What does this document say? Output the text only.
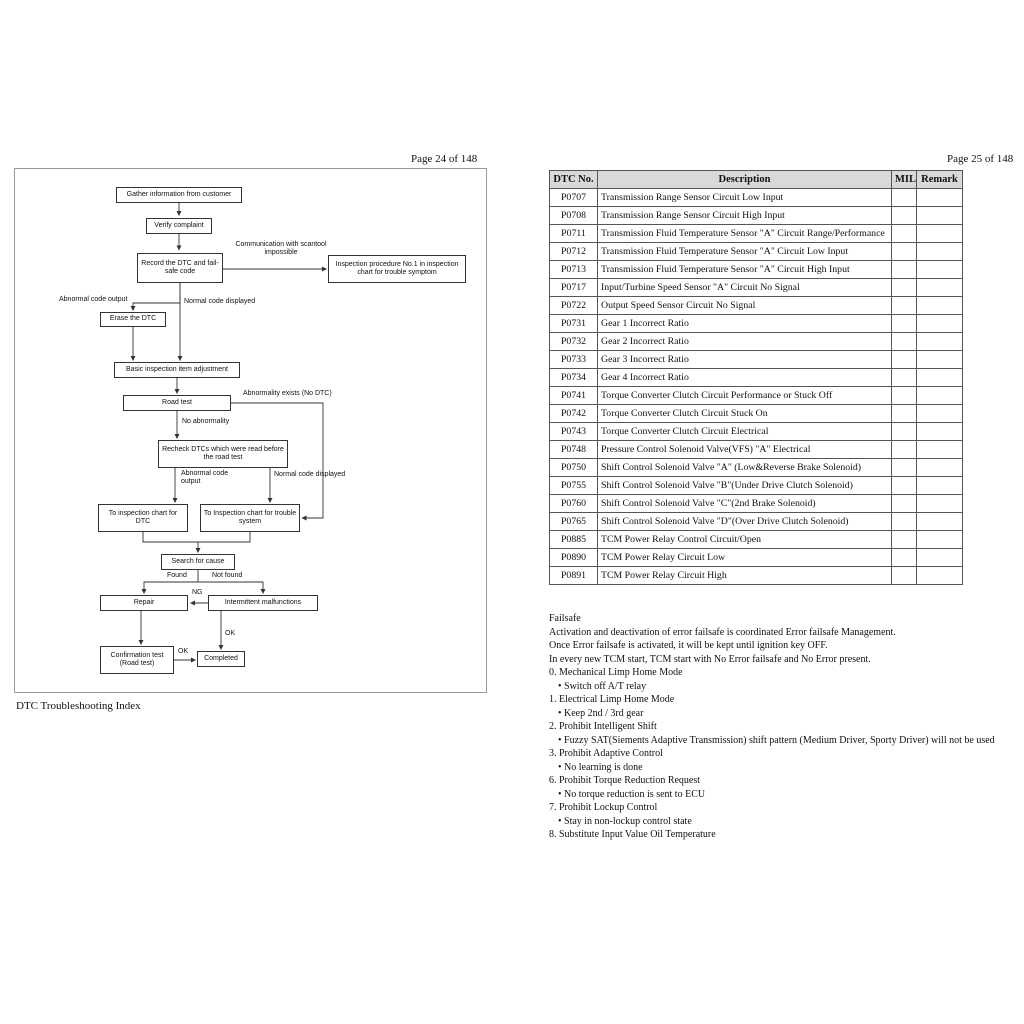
Page 24 of 148	Page 25 of 148
Gather information from customer
Verify complaint
Record the DTC and fail-safe code
Inspection procedure No.1 in inspection chart for trouble symptom
Erase the DTC
Basic inspection item adjustment
Road test
Recheck DTCs which were read before the road test
To inspection chart for DTC
To Inspection chart for trouble system
Search for cause
Repair	Intermittent malfunctions
Confirmation test (Road test)
Completed
Communication with scantool impossible
Abnormal code output	Normal code displayed
Abnormality exists (No DTC)
No abnormality
Abnormal code output
Normal code displayed
Found	Not found
NG
OK
OK
DTC Troubleshooting Index
DTC No.	Description	MIL	Remark
P0707	Transmission Range Sensor Circuit Low Input		
P0708	Transmission Range Sensor Circuit High Input		
P0711	Transmission Fluid Temperature Sensor "A" Circuit Range/Performance		
P0712	Transmission Fluid Temperature Sensor "A" Circuit Low Input		
P0713	Transmission Fluid Temperature Sensor "A" Circuit High Input		
P0717	Input/Turbine Speed Sensor "A" Circuit No Signal		
P0722	Output Speed Sensor Circuit No Signal		
P0731	Gear 1 Incorrect Ratio		
P0732	Gear 2 Incorrect Ratio		
P0733	Gear 3 Incorrect Ratio		
P0734	Gear 4 Incorrect Ratio		
P0741	Torque Converter Clutch Circuit Performance or Stuck Off		
P0742	Torque Converter Clutch Circuit Stuck On		
P0743	Torque Converter Clutch Circuit Electrical		
P0748	Pressure Control Solenoid Valve(VFS) "A" Electrical		
P0750	Shift Control Solenoid Valve "A" (Low&Reverse Brake Solenoid)		
P0755	Shift Control Solenoid Valve "B"(Under Drive Clutch Solenoid)		
P0760	Shift Control Solenoid Valve "C"(2nd Brake Solenoid)		
P0765	Shift Control Solenoid Valve "D"(Over Drive Clutch Solenoid)		
P0885	TCM Power Relay Control Circuit/Open		
P0890	TCM Power Relay Circuit Low		
P0891	TCM Power Relay Circuit High		
Failsafe
Activation and deactivation of error failsafe is coordinated Error failsafe Management.
Once Error failsafe is activated, it will be kept until ignition key OFF.
In every new TCM start, TCM start with No Error failsafe and No Error present.
0. Mechanical Limp Home Mode
• Switch off A/T relay
1. Electrical Limp Home Mode
• Keep 2nd / 3rd gear
2. Prohibit Intelligent Shift
• Fuzzy SAT(Siements Adaptive Transmission) shift pattern (Medium Driver, Sporty Driver) will not be used
3. Prohibit Adaptive Control
• No learning is done
6. Prohibit Torque Reduction Request
• No torque reduction is sent to ECU
7. Prohibit Lockup Control
• Stay in non-lockup control state
8. Substitute Input Value Oil Temperature
